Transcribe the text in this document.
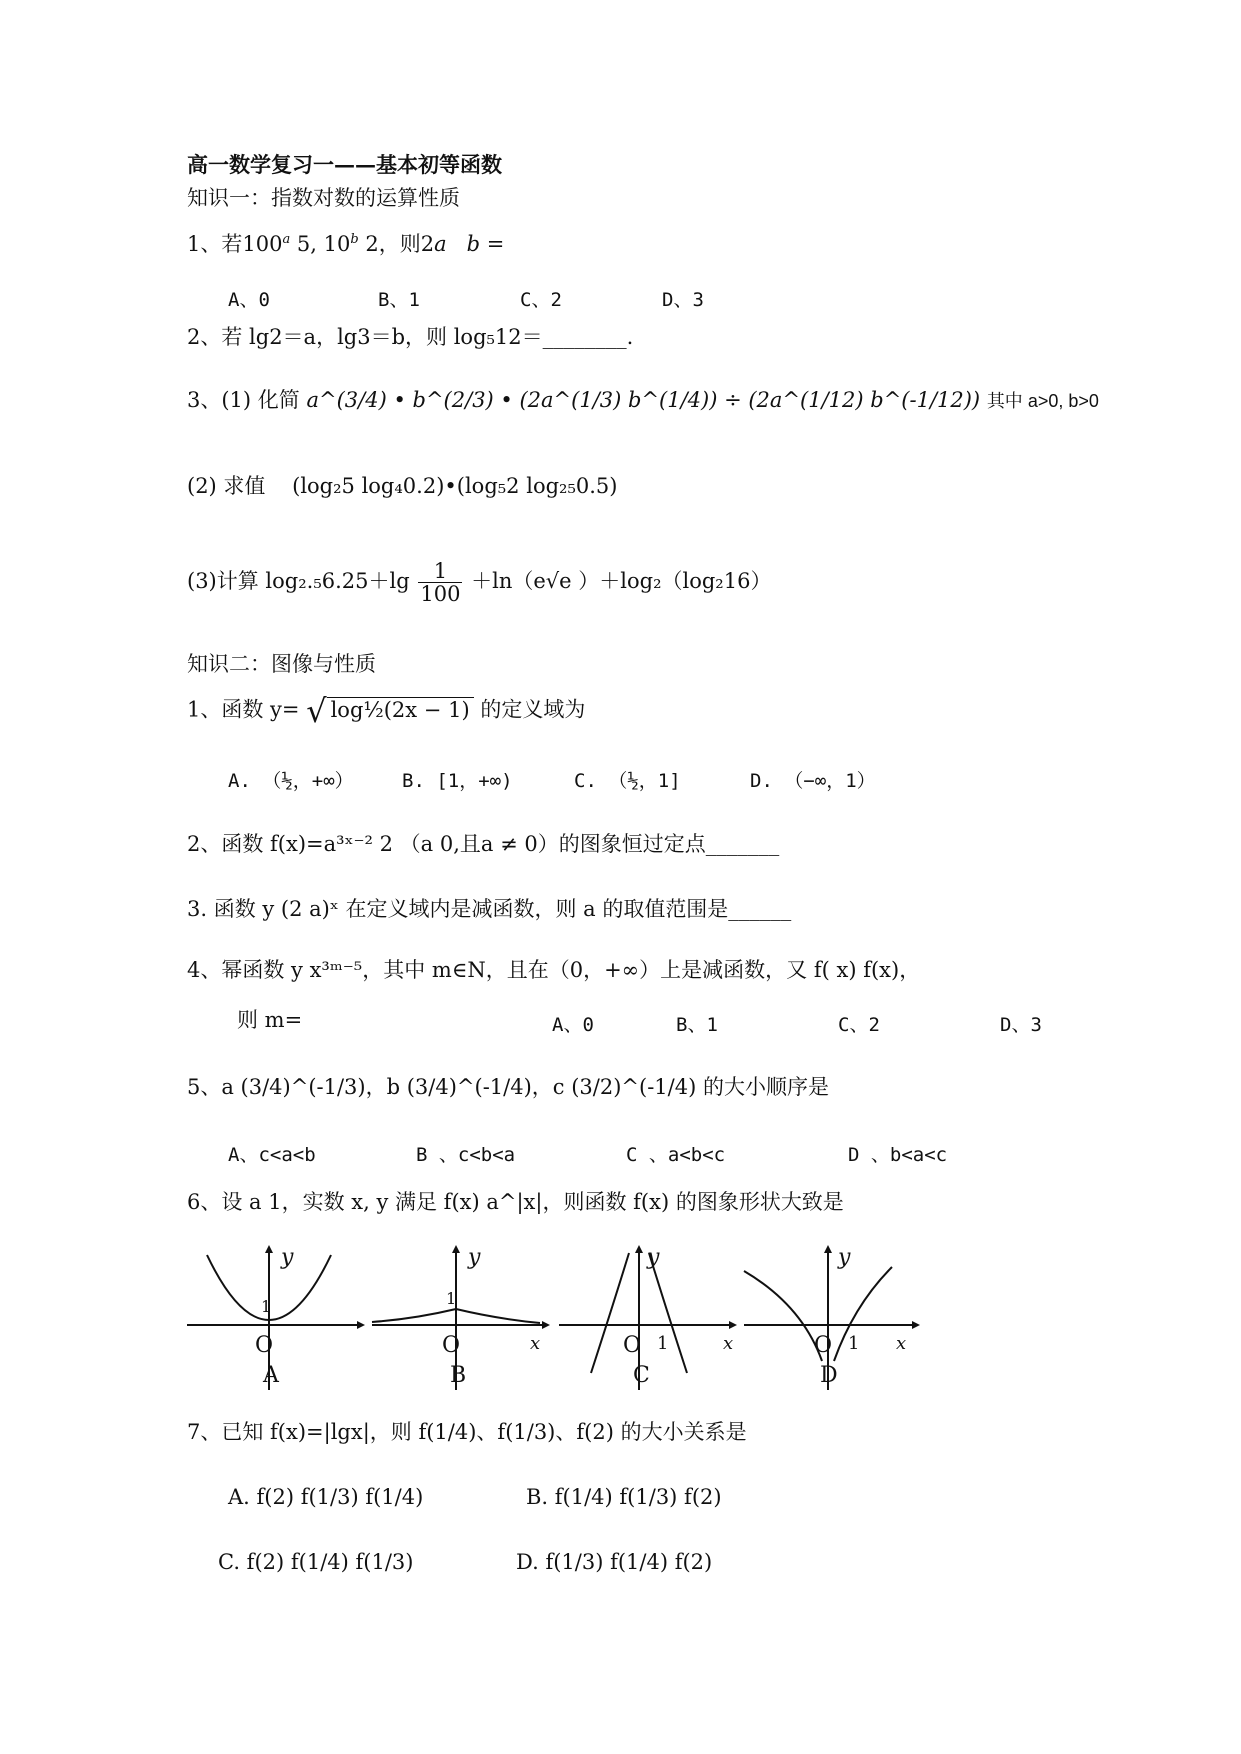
高一数学复习一——基本初等函数
知识一：指数对数的运算性质
1、若100$^a$ 5, 10$^b$ 2，则2a b =
A、0	B、1	C、2	D、3
2、若 lg2＝a，lg3＝b，则 log₅12＝________.
3、(1) 化简 a^(3/4) • b^(2/3) • (2a^(1/3) b^(1/4)) ÷ (2a^(1/12) b^(-1/12)) 其中 a>0, b>0
(2) 求值 (log₂5 log₄0.2)•(log₅2 log₂₅0.5)
(3)计算 $\log_2._56.25+\lg \frac{1}{100} +\ln(e√e$ ）＋log₂（log₂16）
知识二：图像与性质
1、函数 y= √ log½(2x − 1) 的定义域为
A. （½，+∞）	B. [1，+∞)	C. （½，1]	D. （−∞，1）
2、函数 f(x)=a³ˣ⁻² 2 （a 0,且a ≠ 0）的图象恒过定点_______
3. 函数 y (2 a)ˣ 在定义域内是减函数，则 a 的取值范围是______
4、幂函数 y x³ᵐ⁻⁵，其中 m∈N，且在（0，+∞）上是减函数，又 f( x) f(x)，
则 m=	A、0	B、1	C、2	D、3
5、a (3/4)^(-1/3)，b (3/4)^(-1/4)，c (3/2)^(-1/4) 的大小顺序是
A、c<a<b	B 、c<b<a	C 、a<b<c	D 、b<a<c
6、设 a 1，实数 x, y 满足 f(x) a^|x|，则函数 f(x) 的图象形状大致是
y
1
O
A
y
1
O	x
B
y
O 1	x
C
y
O 1 x
D
7、已知 f(x)=|lgx|，则 f(1/4)、f(1/3)、f(2) 的大小关系是
A. f(2) f(1/3) f(1/4)	B. f(1/4) f(1/3) f(2)
C. f(2) f(1/4) f(1/3)	D. f(1/3) f(1/4) f(2)
